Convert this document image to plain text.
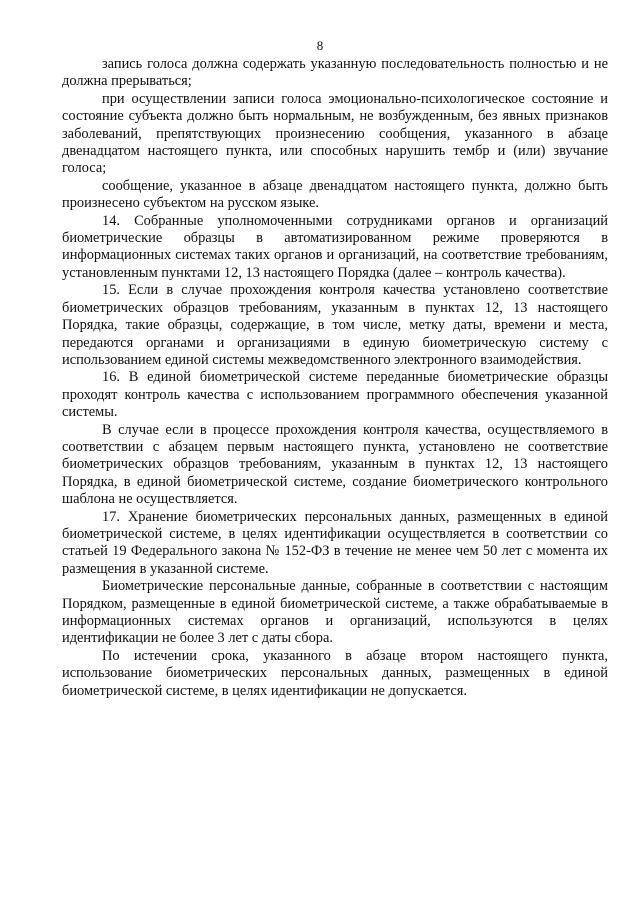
8

запись голоса должна содержать указанную последовательность полностью и не должна прерываться;

при осуществлении записи голоса эмоционально-психологическое состояние и состояние субъекта должно быть нормальным, не возбужденным, без явных признаков заболеваний, препятствующих произнесению сообщения, указанного в абзаце двенадцатом настоящего пункта, или способных нарушить тембр и (или) звучание голоса;

сообщение, указанное в абзаце двенадцатом настоящего пункта, должно быть произнесено субъектом на русском языке.

14. Собранные уполномоченными сотрудниками органов и организаций биометрические образцы в автоматизированном режиме проверяются в информационных системах таких органов и организаций, на соответствие требованиям, установленным пунктами 12, 13 настоящего Порядка (далее – контроль качества).

15. Если в случае прохождения контроля качества установлено соответствие биометрических образцов требованиям, указанным в пунктах 12, 13 настоящего Порядка, такие образцы, содержащие, в том числе, метку даты, времени и места, передаются органами и организациями в единую биометрическую систему с использованием единой системы межведомственного электронного взаимодействия.

16. В единой биометрической системе переданные биометрические образцы проходят контроль качества с использованием программного обеспечения указанной системы.

В случае если в процессе прохождения контроля качества, осуществляемого в соответствии с абзацем первым настоящего пункта, установлено не соответствие биометрических образцов требованиям, указанным в пунктах 12, 13 настоящего Порядка, в единой биометрической системе, создание биометрического контрольного шаблона не осуществляется.

17. Хранение биометрических персональных данных, размещенных в единой биометрической системе, в целях идентификации осуществляется в соответствии со статьей 19 Федерального закона № 152-ФЗ в течение не менее чем 50 лет с момента их размещения в указанной системе.

Биометрические персональные данные, собранные в соответствии с настоящим Порядком, размещенные в единой биометрической системе, а также обрабатываемые в информационных системах органов и организаций, используются в целях идентификации не более 3 лет с даты сбора.

По истечении срока, указанного в абзаце втором настоящего пункта, использование биометрических персональных данных, размещенных в единой биометрической системе, в целях идентификации не допускается.
